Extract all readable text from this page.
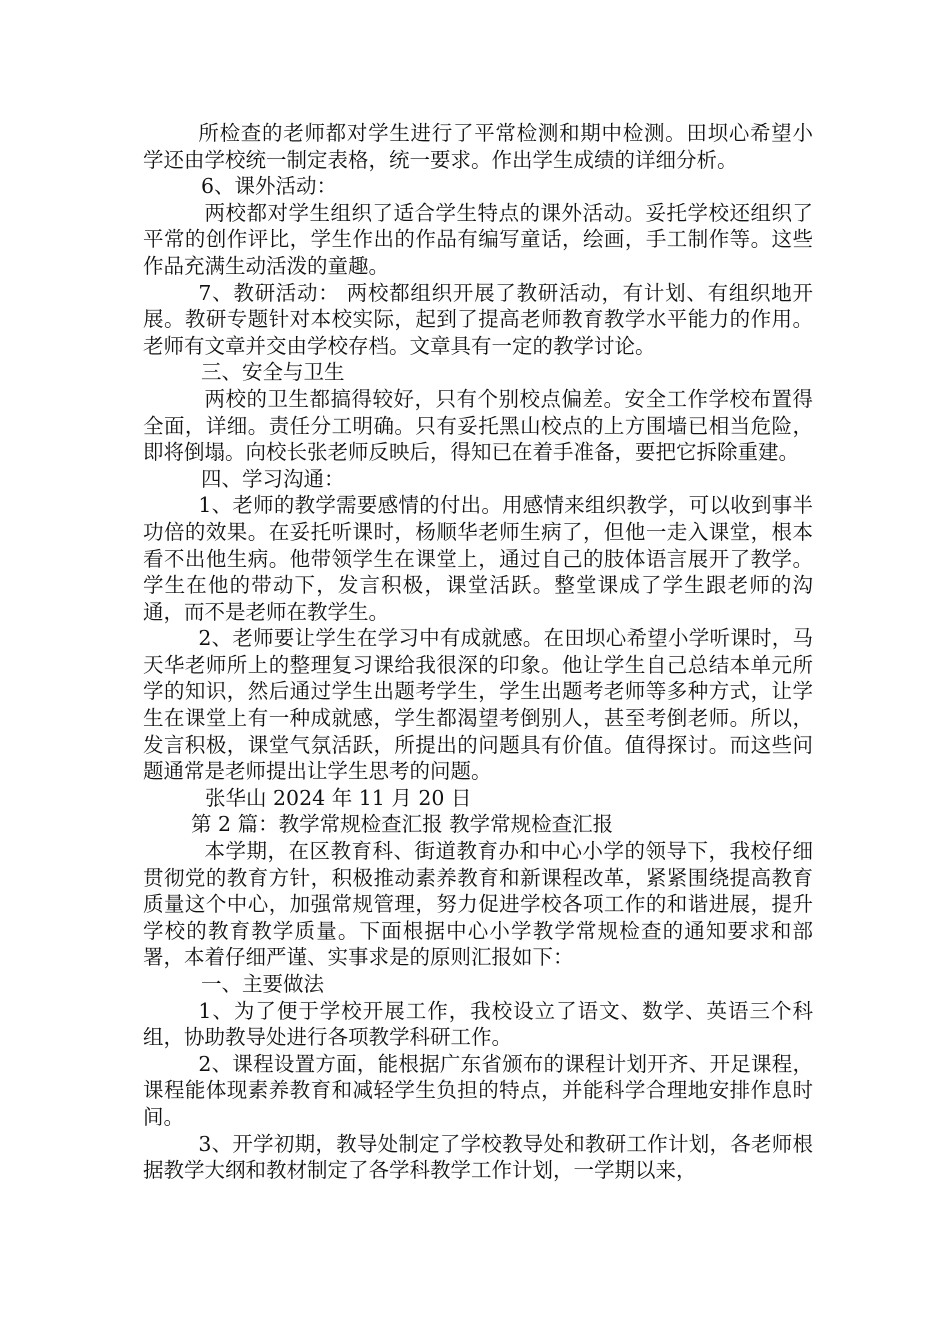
所检查的老师都对学生进行了平常检测和期中检测。田坝心希望小学还由学校统一制定表格，统一要求。作出学生成绩的详细分析。

6、课外活动：

两校都对学生组织了适合学生特点的课外活动。妥托学校还组织了平常的创作评比，学生作出的作品有编写童话，绘画，手工制作等。这些作品充满生动活泼的童趣。

7、教研活动： 两校都组织开展了教研活动，有计划、有组织地开展。教研专题针对本校实际，起到了提高老师教育教学水平能力的作用。老师有文章并交由学校存档。文章具有一定的教学讨论。

三、安全与卫生

两校的卫生都搞得较好，只有个别校点偏差。安全工作学校布置得全面，详细。责任分工明确。只有妥托黑山校点的上方围墙已相当危险，即将倒塌。向校长张老师反映后，得知已在着手准备，要把它拆除重建。

四、学习沟通：

1、老师的教学需要感情的付出。用感情来组织教学，可以收到事半功倍的效果。在妥托听课时，杨顺华老师生病了，但他一走入课堂，根本看不出他生病。他带领学生在课堂上，通过自己的肢体语言展开了教学。学生在他的带动下，发言积极，课堂活跃。整堂课成了学生跟老师的沟通，而不是老师在教学生。

2、老师要让学生在学习中有成就感。在田坝心希望小学听课时，马天华老师所上的整理复习课给我很深的印象。他让学生自己总结本单元所学的知识，然后通过学生出题考学生，学生出题考老师等多种方式，让学生在课堂上有一种成就感，学生都渴望考倒别人，甚至考倒老师。所以，发言积极，课堂气氛活跃，所提出的问题具有价值。值得探讨。而这些问题通常是老师提出让学生思考的问题。

张华山 2024 年 11 月 20 日

第 2 篇：教学常规检查汇报 教学常规检查汇报

本学期，在区教育科、街道教育办和中心小学的领导下，我校仔细贯彻党的教育方针，积极推动素养教育和新课程改革，紧紧围绕提高教育质量这个中心，加强常规管理，努力促进学校各项工作的和谐进展，提升学校的教育教学质量。下面根据中心小学教学常规检查的通知要求和部署，本着仔细严谨、实事求是的原则汇报如下：

一、主要做法

1、为了便于学校开展工作，我校设立了语文、数学、英语三个科组，协助教导处进行各项教学科研工作。

2、课程设置方面，能根据广东省颁布的课程计划开齐、开足课程，课程能体现素养教育和减轻学生负担的特点，并能科学合理地安排作息时间。

3、开学初期，教导处制定了学校教导处和教研工作计划，各老师根据教学大纲和教材制定了各学科教学工作计划，一学期以来，
